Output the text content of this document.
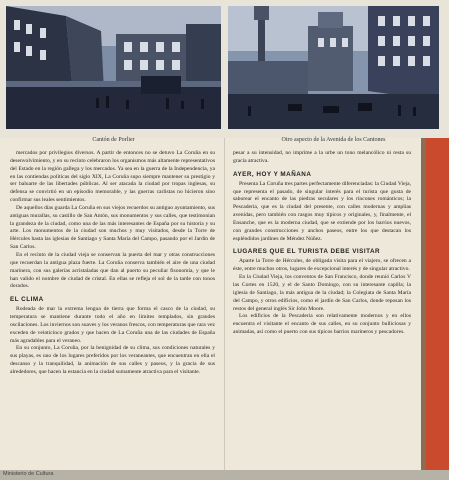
Cantón de Porlier	Otro aspecto de la Avenida de los Cantones

mercados por privilegios diversos. A partir de entonces no se detuvo La Coruña en su desenvolvimiento, y en su recinto celebraron los organismos más altamente representativos del Estado en la región gallega y los mercados. Ya sea en la guerra de la Independencia, ya en las contiendas políticas del siglo XIX, La Coruña supo siempre mantener su prestigio y ser baluarte de las libertades públicas. Al ser atacada la ciudad por tropas inglesas, su defensa se convirtió en un episodio memorable, y las guerras carlistas no hicieron sino confirmar sus leales sentimientos.

De aquellos días guarda La Coruña en sus viejos recuerdos su antiguo ayuntamiento, sus antiguas murallas, su castillo de San Antón, sus monumentos y sus calles, que testimonian la grandeza de la ciudad, como una de las más interesantes de España por su historia y su arte. Los monumentos de la ciudad son muchos y muy visitados, desde la Torre de Hércules hasta las iglesias de Santiago y Santa María del Campo, pasando por el Jardín de San Carlos.

En el recinto de la ciudad vieja se conservan la puerta del mar y otras construcciones que recuerdan la antigua plaza fuerte. La Coruña conserva también el aire de una ciudad marinera, con sus galerías acristaladas que dan al puerto su peculiar fisonomía, y que le han valido el nombre de ciudad de cristal. En ellas se refleja el sol de la tarde con tonos dorados.

EL CLIMA

Rodeada de mar la extrema lengua de tierra que forma el casco de la ciudad, su temperatura se mantiene durante todo el año en límites templados, sin grandes oscilaciones. Los inviernos son suaves y los veranos frescos, con temperaturas que rara vez exceden de veinticinco grados y que hacen de La Coruña una de las ciudades de España más agradables para el veraneo.

En su conjunto, La Coruña, por la benignidad de su clima, sus condiciones naturales y sus playas, es uno de los lugares preferidos por los veraneantes, que encuentran en ella el descanso y la tranquilidad, la animación de sus calles y paseos, y la gracia de sus alrededores, que hacen la estancia en la ciudad sumamente atractiva para el visitante.

pesar a su intensidad, no imprime a la urbe un tono melancólico ni resta su gracia atractiva.

AYER, HOY Y MAÑANA

Presenta La Coruña tres partes perfectamente diferenciadas: la Ciudad Vieja, que representa el pasado, de singular interés para el turista que gusta de saborear el encanto de las piedras seculares y los rincones románticos; la Pescadería, que es la ciudad del presente, con calles modernas y amplias avenidas, pero también con rasgos muy típicos y originales, y, finalmente, el Ensanche, que es la moderna ciudad, que se extiende por los barrios nuevos, con grandes construcciones y anchos paseos, entre los que destacan los espléndidos jardines de Méndez Núñez.

LUGARES QUE EL TURISTA DEBE VISITAR

Aparte la Torre de Hércules, de obligada visita para el viajero, se ofrecen a éste, entre muchos otros, lugares de excepcional interés y de singular atractivo.

En la Ciudad Vieja, los conventos de San Francisco, donde reunió Carlos V las Cortes en 1520, y el de Santo Domingo, con su interesante capilla; la iglesia de Santiago, la más antigua de la ciudad; la Colegiata de Santa María del Campo, y otros edificios, como el jardín de San Carlos, donde reposan los restos del general inglés Sir John Moore.

Los edificios de la Pescadería son relativamente modernos y en ellos encuentra el visitante el encanto de sus calles, en su conjunto bulliciosas y animadas, así como el puerto con sus típicos barrios marineros y pescadores.

Ministerio de Cultura
